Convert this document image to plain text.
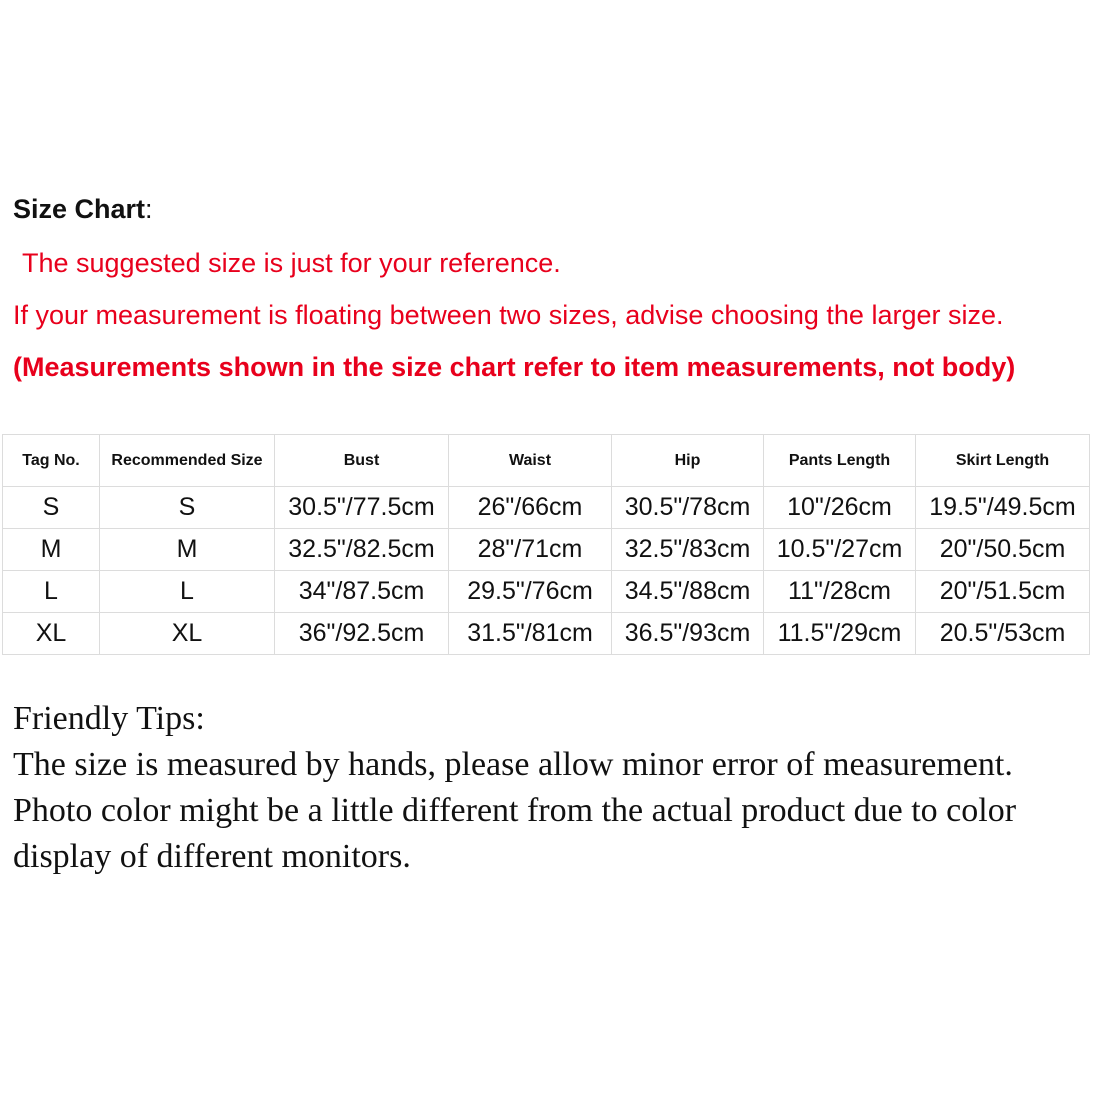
Size Chart:
The suggested size is just for your reference.
If your measurement is floating between two sizes, advise choosing the larger size.
(Measurements shown in the size chart refer to item measurements, not body)
Tag No.	Recommended Size	Bust	Waist	Hip	Pants Length	Skirt Length
S	S	30.5"/77.5cm	26"/66cm	30.5"/78cm	10"/26cm	19.5"/49.5cm
M	M	32.5"/82.5cm	28"/71cm	32.5"/83cm	10.5"/27cm	20"/50.5cm
L	L	34"/87.5cm	29.5"/76cm	34.5"/88cm	11"/28cm	20"/51.5cm
XL	XL	36"/92.5cm	31.5"/81cm	36.5"/93cm	11.5"/29cm	20.5"/53cm
Friendly Tips:
The size is measured by hands, please allow minor error of measurement.
Photo color might be a little different from the actual product due to color display of different monitors.
